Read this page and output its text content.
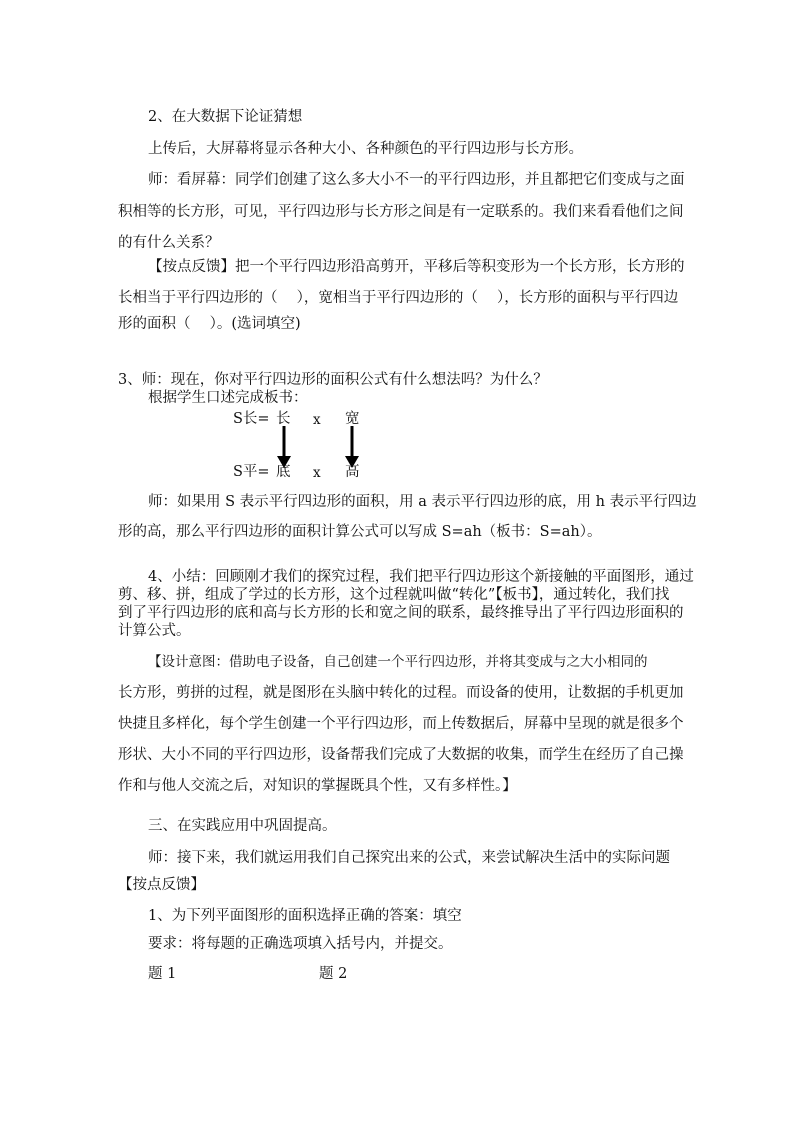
2、在大数据下论证猜想

上传后，大屏幕将显示各种大小、各种颜色的平行四边形与长方形。

师：看屏幕：同学们创建了这么多大小不一的平行四边形，并且都把它们变成与之面

积相等的长方形，可见，平行四边形与长方形之间是有一定联系的。我们来看看他们之间

的有什么关系？

【按点反馈】把一个平行四边形沿高剪开，平移后等积变形为一个长方形，长方形的

长相当于平行四边形的（　 ），宽相当于平行四边形的（　 ），长方形的面积与平行四边

形的面积（　 ）。(选词填空)

3、师：现在，你对平行四边形的面积公式有什么想法吗？为什么？

根据学生口述完成板书：

S长= 长 x 宽
S平= 底 x 高

师：如果用 S 表示平行四边形的面积，用 a 表示平行四边形的底，用 h 表示平行四边

形的高，那么平行四边形的面积计算公式可以写成 S=ah（板书：S=ah）。

4、小结：回顾刚才我们的探究过程，我们把平行四边形这个新接触的平面图形，通过

剪、移、拼，组成了学过的长方形，这个过程就叫做“转化”【板书】，通过转化，我们找

到了平行四边形的底和高与长方形的长和宽之间的联系，最终推导出了平行四边形面积的

计算公式。

【设计意图：借助电子设备，自己创建一个平行四边形，并将其变成与之大小相同的

长方形，剪拼的过程，就是图形在头脑中转化的过程。而设备的使用，让数据的手机更加

快捷且多样化，每个学生创建一个平行四边形，而上传数据后，屏幕中呈现的就是很多个

形状、大小不同的平行四边形，设备帮我们完成了大数据的收集，而学生在经历了自己操

作和与他人交流之后，对知识的掌握既具个性，又有多样性。】

三、在实践应用中巩固提高。

师：接下来，我们就运用我们自己探究出来的公式，来尝试解决生活中的实际问题

【按点反馈】

1、为下列平面图形的面积选择正确的答案：填空

要求：将每题的正确选项填入括号内，并提交。

题 1	题 2
